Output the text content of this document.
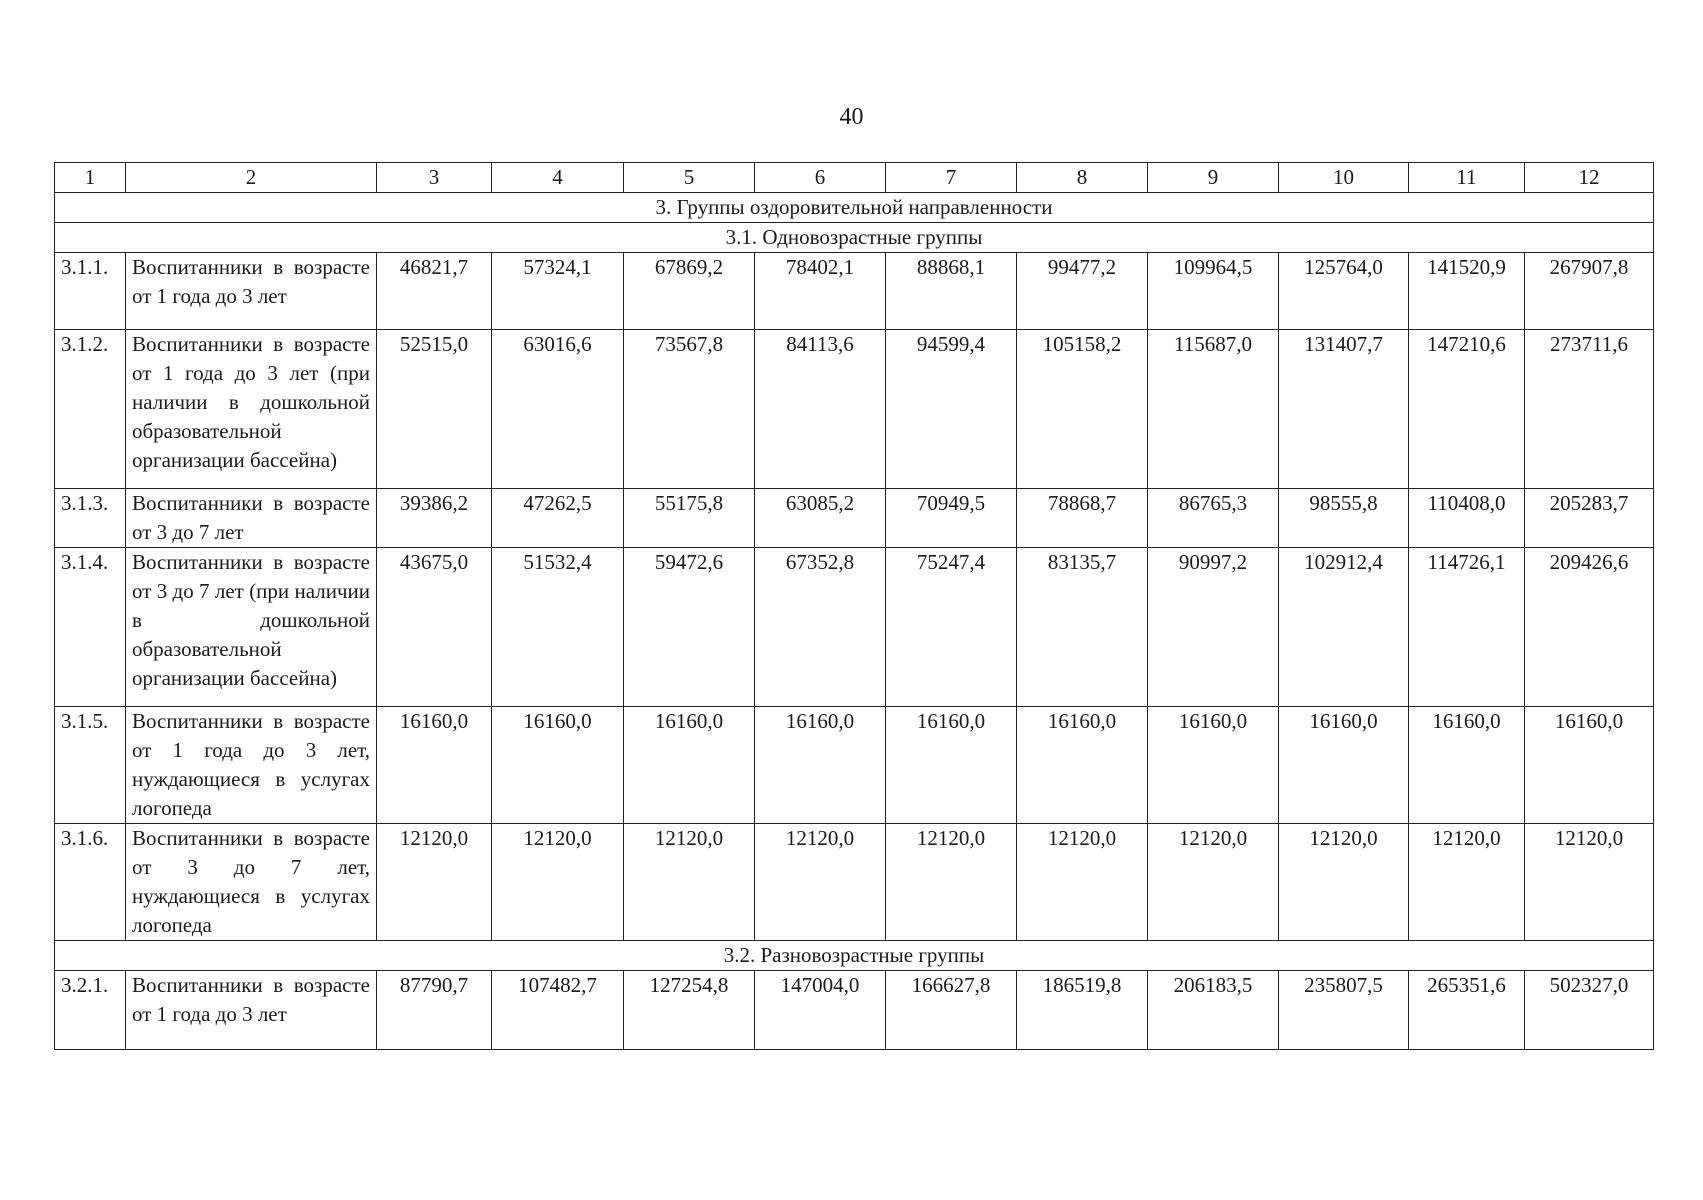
40
1	2	3	4	5	6	7	8	9	10	11	12
3. Группы оздоровительной направленности											
3.1. Одновозрастные группы											
3.1.1.	Воспитанники в возрасте от 1 года до 3 лет	46821,7	57324,1	67869,2	78402,1	88868,1	99477,2	109964,5	125764,0	141520,9	267907,8
3.1.2.	Воспитанники в возрасте от 1 года до 3 лет (при наличии в дошкольной образовательной организации бассейна)	52515,0	63016,6	73567,8	84113,6	94599,4	105158,2	115687,0	131407,7	147210,6	273711,6
3.1.3.	Воспитанники в возрасте от 3 до 7 лет	39386,2	47262,5	55175,8	63085,2	70949,5	78868,7	86765,3	98555,8	110408,0	205283,7
3.1.4.	Воспитанники в возрасте от 3 до 7 лет (при наличии в дошкольной образовательной организации бассейна)	43675,0	51532,4	59472,6	67352,8	75247,4	83135,7	90997,2	102912,4	114726,1	209426,6
3.1.5.	Воспитанники в возрасте от 1 года до 3 лет, нуждающиеся в услугах логопеда	16160,0	16160,0	16160,0	16160,0	16160,0	16160,0	16160,0	16160,0	16160,0	16160,0
3.1.6.	Воспитанники в возрасте от 3 до 7 лет, нуждающиеся в услугах логопеда	12120,0	12120,0	12120,0	12120,0	12120,0	12120,0	12120,0	12120,0	12120,0	12120,0
3.2. Разновозрастные группы											
3.2.1.	Воспитанники в возрасте от 1 года до 3 лет	87790,7	107482,7	127254,8	147004,0	166627,8	186519,8	206183,5	235807,5	265351,6	502327,0
